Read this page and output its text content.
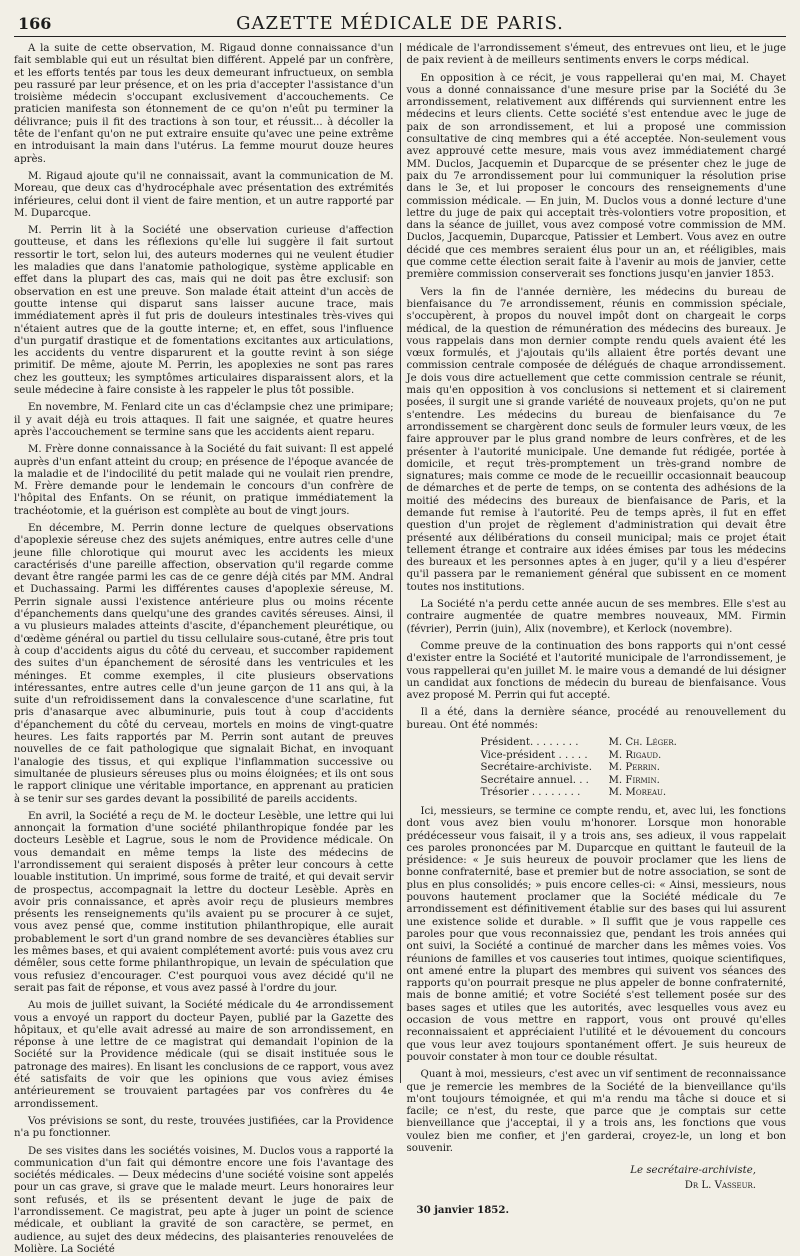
166	GAZETTE MÉDICALE DE PARIS.

A la suite de cette observation, M. Rigaud donne connaissance d'un fait semblable qui eut un résultat bien différent. Appelé par un confrère, et les efforts tentés par tous les deux demeurant infructueux, on sembla peu rassuré par leur présence, et on les pria d'accepter l'assistance d'un troisième médecin s'occupant exclusivement d'accouchements. Ce praticien manifesta son étonnement de ce qu'on n'eût pu terminer la délivrance; puis il fit des tractions à son tour, et réussit... à décoller la tête de l'enfant qu'on ne put extraire ensuite qu'avec une peine extrême en introduisant la main dans l'utérus. La femme mourut douze heures après.

M. Rigaud ajoute qu'il ne connaissait, avant la communication de M. Moreau, que deux cas d'hydrocéphale avec présentation des extrémités inférieures, celui dont il vient de faire mention, et un autre rapporté par M. Duparcque.

M. Perrin lit à la Société une observation curieuse d'affection goutteuse, et dans les réflexions qu'elle lui suggère il fait surtout ressortir le tort, selon lui, des auteurs modernes qui ne veulent étudier les maladies que dans l'anatomie pathologique, système applicable en effet dans la plupart des cas, mais qui ne doit pas être exclusif: son observation en est une preuve. Son malade était atteint d'un accès de goutte intense qui disparut sans laisser aucune trace, mais immédiatement après il fut pris de douleurs intestinales très-vives qui n'étaient autres que de la goutte interne; et, en effet, sous l'influence d'un purgatif drastique et de fomentations excitantes aux articulations, les accidents du ventre disparurent et la goutte revint à son siége primitif. De même, ajoute M. Perrin, les apoplexies ne sont pas rares chez les goutteux; les symptômes articulaires disparaissent alors, et la seule médecine à faire consiste à les rappeler le plus tôt possible.

En novembre, M. Fenlard cite un cas d'éclampsie chez une primipare; il y avait déjà eu trois attaques. Il fait une saignée, et quatre heures après l'accouchement se termine sans que les accidents aient reparu.

M. Frère donne connaissance à la Société du fait suivant: Il est appelé auprès d'un enfant atteint du croup; en présence de l'époque avancée de la maladie et de l'indocilité du petit malade qui ne voulait rien prendre, M. Frère demande pour le lendemain le concours d'un confrère de l'hôpital des Enfants. On se réunit, on pratique immédiatement la trachéotomie, et la guérison est complète au bout de vingt jours.

En décembre, M. Perrin donne lecture de quelques observations d'apoplexie séreuse chez des sujets anémiques, entre autres celle d'une jeune fille chlorotique qui mourut avec les accidents les mieux caractérisés d'une pareille affection, observation qu'il regarde comme devant être rangée parmi les cas de ce genre déjà cités par MM. Andral et Duchassaing. Parmi les différentes causes d'apoplexie séreuse, M. Perrin signale aussi l'existence antérieure plus ou moins récente d'épanchements dans quelqu'une des grandes cavités séreuses. Ainsi, il a vu plusieurs malades atteints d'ascite, d'épanchement pleurétique, ou d'œdème général ou partiel du tissu cellulaire sous-cutané, être pris tout à coup d'accidents aigus du côté du cerveau, et succomber rapidement des suites d'un épanchement de sérosité dans les ventricules et les méninges. Et comme exemples, il cite plusieurs observations intéressantes, entre autres celle d'un jeune garçon de 11 ans qui, à la suite d'un refroidissement dans la convalescence d'une scarlatine, fut pris d'anasarque avec albuminurie, puis tout à coup d'accidents d'épanchement du côté du cerveau, mortels en moins de vingt-quatre heures. Les faits rapportés par M. Perrin sont autant de preuves nouvelles de ce fait pathologique que signalait Bichat, en invoquant l'analogie des tissus, et qui explique l'inflammation successive ou simultanée de plusieurs séreuses plus ou moins éloignées; et ils ont sous le rapport clinique une véritable importance, en apprenant au praticien à se tenir sur ses gardes devant la possibilité de pareils accidents.

En avril, la Société a reçu de M. le docteur Lesèble, une lettre qui lui annonçait la formation d'une société philanthropique fondée par les docteurs Lesèble et Lagrue, sous le nom de Providence médicale. On vous demandait en même temps la liste des médecins de l'arrondissement qui seraient disposés à prêter leur concours à cette louable institution. Un imprimé, sous forme de traité, et qui devait servir de prospectus, accompagnait la lettre du docteur Lesèble. Après en avoir pris connaissance, et après avoir reçu de plusieurs membres présents les renseignements qu'ils avaient pu se procurer à ce sujet, vous avez pensé que, comme institution philanthropique, elle aurait probablement le sort d'un grand nombre de ses devancières établies sur les mêmes bases, et qui avaient complétement avorté: puis vous avez cru démêler, sous cette forme philanthropique, un levain de spéculation que vous refusiez d'encourager. C'est pourquoi vous avez décidé qu'il ne serait pas fait de réponse, et vous avez passé à l'ordre du jour.

Au mois de juillet suivant, la Société médicale du 4e arrondissement vous a envoyé un rapport du docteur Payen, publié par la Gazette des hôpitaux, et qu'elle avait adressé au maire de son arrondissement, en réponse à une lettre de ce magistrat qui demandait l'opinion de la Société sur la Providence médicale (qui se disait instituée sous le patronage des maires). En lisant les conclusions de ce rapport, vous avez été satisfaits de voir que les opinions que vous aviez émises antérieurement se trouvaient partagées par vos confrères du 4e arrondissement.

Vos prévisions se sont, du reste, trouvées justifiées, car la Providence n'a pu fonctionner.

De ses visites dans les sociétés voisines, M. Duclos vous a rapporté la communication d'un fait qui démontre encore une fois l'avantage des sociétés médicales. — Deux médecins d'une société voisine sont appelés pour un cas grave, si grave que le malade meurt. Leurs honoraires leur sont refusés, et ils se présentent devant le juge de paix de l'arrondissement. Ce magistrat, peu apte à juger un point de science médicale, et oubliant la gravité de son caractère, se permet, en audience, au sujet des deux médecins, des plaisanteries renouvelées de Molière. La Société

médicale de l'arrondissement s'émeut, des entrevues ont lieu, et le juge de paix revient à de meilleurs sentiments envers le corps médical.

En opposition à ce récit, je vous rappellerai qu'en mai, M. Chayet vous a donné connaissance d'une mesure prise par la Société du 3e arrondissement, relativement aux différends qui surviennent entre les médecins et leurs clients. Cette société s'est entendue avec le juge de paix de son arrondissement, et lui a proposé une commission consultative de cinq membres qui a été acceptée. Non-seulement vous avez approuvé cette mesure, mais vous avez immédiatement chargé MM. Duclos, Jacquemin et Duparcque de se présenter chez le juge de paix du 7e arrondissement pour lui communiquer la résolution prise dans le 3e, et lui proposer le concours des renseignements d'une commission médicale. — En juin, M. Duclos vous a donné lecture d'une lettre du juge de paix qui acceptait très-volontiers votre proposition, et dans la séance de juillet, vous avez composé votre commission de MM. Duclos, Jacquemin, Duparcque, Patissier et Lembert. Vous avez en outre décidé que ces membres seraient élus pour un an, et rééligibles, mais que comme cette élection serait faite à l'avenir au mois de janvier, cette première commission conserverait ses fonctions jusqu'en janvier 1853.

Vers la fin de l'année dernière, les médecins du bureau de bienfaisance du 7e arrondissement, réunis en commission spéciale, s'occupèrent, à propos du nouvel impôt dont on chargeait le corps médical, de la question de rémunération des médecins des bureaux. Je vous rappelais dans mon dernier compte rendu quels avaient été les vœux formulés, et j'ajoutais qu'ils allaient être portés devant une commission centrale composée de délégués de chaque arrondissement. Je dois vous dire actuellement que cette commission centrale se réunit, mais qu'en opposition à vos conclusions si nettement et si clairement posées, il surgit une si grande variété de nouveaux projets, qu'on ne put s'entendre. Les médecins du bureau de bienfaisance du 7e arrondissement se chargèrent donc seuls de formuler leurs vœux, de les faire approuver par le plus grand nombre de leurs confrères, et de les présenter à l'autorité municipale. Une demande fut rédigée, portée à domicile, et reçut très-promptement un très-grand nombre de signatures; mais comme ce mode de le recueillir occasionnait beaucoup de démarches et de perte de temps, on se contenta des adhésions de la moitié des médecins des bureaux de bienfaisance de Paris, et la demande fut remise à l'autorité. Peu de temps après, il fut en effet question d'un projet de règlement d'administration qui devait être présenté aux délibérations du conseil municipal; mais ce projet était tellement étrange et contraire aux idées émises par tous les médecins des bureaux et les personnes aptes à en juger, qu'il y a lieu d'espérer qu'il passera par le remaniement général que subissent en ce moment toutes nos institutions.

La Société n'a perdu cette année aucun de ses membres. Elle s'est au contraire augmentée de quatre membres nouveaux, MM. Firmin (février), Perrin (juin), Alix (novembre), et Kerlock (novembre).

Comme preuve de la continuation des bons rapports qui n'ont cessé d'exister entre la Société et l'autorité municipale de l'arrondissement, je vous rappellerai qu'en juillet M. le maire vous a demandé de lui désigner un candidat aux fonctions de médecin du bureau de bienfaisance. Vous avez proposé M. Perrin qui fut accepté.

Il a été, dans la dernière séance, procédé au renouvellement du bureau. Ont été nommés:

Président. . . . . . . .	M. Ch. Léger.
Vice-président . . . . .	M. Rigaud.
Secrétaire-archiviste.	M. Perrin.
Secrétaire annuel. . .	M. Firmin.
Trésorier . . . . . . . .	M. Moreau.

Ici, messieurs, se termine ce compte rendu, et, avec lui, les fonctions dont vous avez bien voulu m'honorer. Lorsque mon honorable prédécesseur vous faisait, il y a trois ans, ses adieux, il vous rappelait ces paroles prononcées par M. Duparcque en quittant le fauteuil de la présidence: « Je suis heureux de pouvoir proclamer que les liens de bonne confraternité, base et premier but de notre association, se sont de plus en plus consolidés; » puis encore celles-ci: « Ainsi, messieurs, nous pouvons hautement proclamer que la Société médicale du 7e arrondissement est définitivement établie sur des bases qui lui assurent une existence solide et durable. » Il suffit que je vous rappelle ces paroles pour que vous reconnaissiez que, pendant les trois années qui ont suivi, la Société a continué de marcher dans les mêmes voies. Vos réunions de familles et vos causeries tout intimes, quoique scientifiques, ont amené entre la plupart des membres qui suivent vos séances des rapports qu'on pourrait presque ne plus appeler de bonne confraternité, mais de bonne amitié; et votre Société s'est tellement posée sur des bases sages et utiles que les autorités, avec lesquelles vous avez eu occasion de vous mettre en rapport, vous ont prouvé qu'elles reconnaissaient et appréciaient l'utilité et le dévouement du concours que vous leur avez toujours spontanément offert. Je suis heureux de pouvoir constater à mon tour ce double résultat.

Quant à moi, messieurs, c'est avec un vif sentiment de reconnaissance que je remercie les membres de la Société de la bienveillance qu'ils m'ont toujours témoignée, et qui m'a rendu ma tâche si douce et si facile; ce n'est, du reste, que parce que je comptais sur cette bienveillance que j'acceptai, il y a trois ans, les fonctions que vous voulez bien me confier, et j'en garderai, croyez-le, un long et bon souvenir.

Le secrétaire-archiviste,
Dr L. Vasseur.
30 janvier 1852.
